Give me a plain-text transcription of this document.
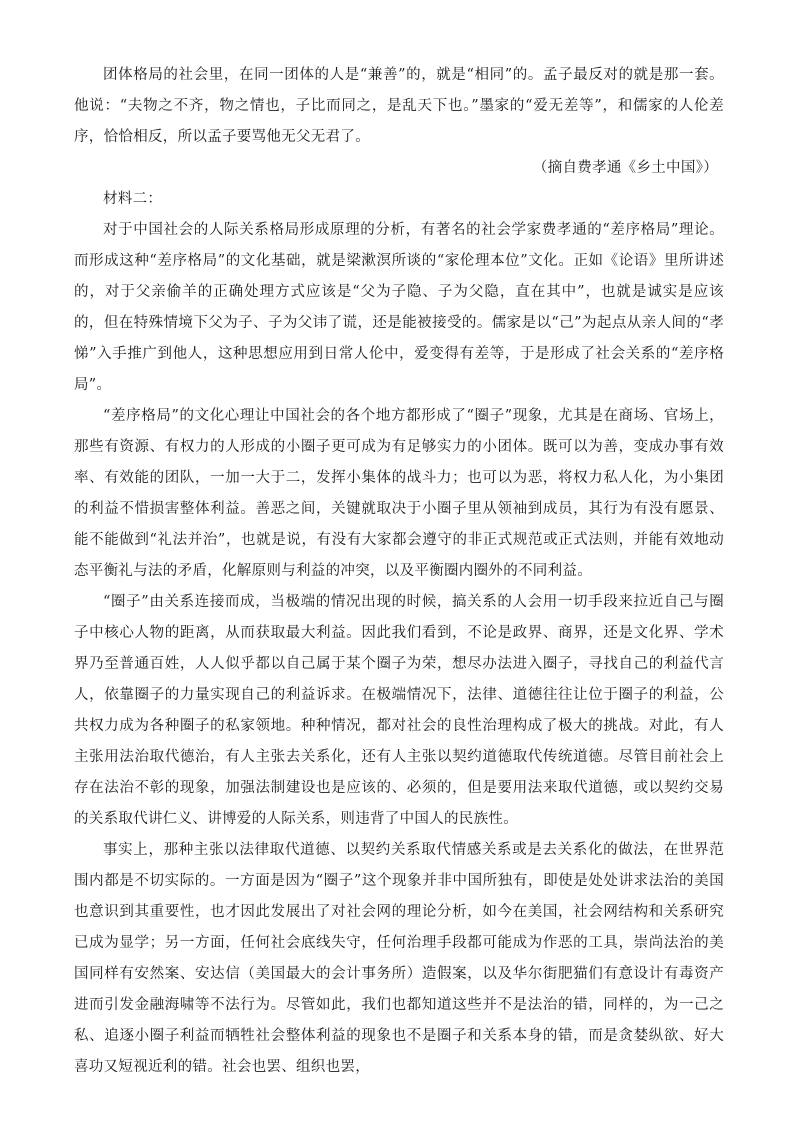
团体格局的社会里，在同一团体的人是“兼善”的，就是“相同”的。孟子最反对的就是那一套。他说：“夫物之不齐，物之情也，子比而同之，是乱天下也。”墨家的“爱无差等”，和儒家的人伦差序，恰恰相反，所以孟子要骂他无父无君了。

（摘自费孝通《乡土中国》）

材料二：

对于中国社会的人际关系格局形成原理的分析，有著名的社会学家费孝通的“差序格局”理论。而形成这种“差序格局”的文化基础，就是梁漱溟所谈的“家伦理本位”文化。正如《论语》里所讲述的，对于父亲偷羊的正确处理方式应该是“父为子隐、子为父隐，直在其中”，也就是诚实是应该的，但在特殊情境下父为子、子为父讳了谎，还是能被接受的。儒家是以“己”为起点从亲人间的“孝悌”入手推广到他人，这种思想应用到日常人伦中，爱变得有差等，于是形成了社会关系的“差序格局”。

“差序格局”的文化心理让中国社会的各个地方都形成了“圈子”现象，尤其是在商场、官场上，那些有资源、有权力的人形成的小圈子更可成为有足够实力的小团体。既可以为善，变成办事有效率、有效能的团队，一加一大于二，发挥小集体的战斗力；也可以为恶，将权力私人化，为小集团的利益不惜损害整体利益。善恶之间，关键就取决于小圈子里从领袖到成员，其行为有没有愿景、能不能做到“礼法并治”，也就是说，有没有大家都会遵守的非正式规范或正式法则，并能有效地动态平衡礼与法的矛盾，化解原则与利益的冲突，以及平衡圈内圈外的不同利益。

“圈子”由关系连接而成，当极端的情况出现的时候，搞关系的人会用一切手段来拉近自己与圈子中核心人物的距离，从而获取最大利益。因此我们看到，不论是政界、商界，还是文化界、学术界乃至普通百姓，人人似乎都以自己属于某个圈子为荣，想尽办法进入圈子，寻找自己的利益代言人，依靠圈子的力量实现自己的利益诉求。在极端情况下，法律、道德往往让位于圈子的利益，公共权力成为各种圈子的私家领地。种种情况，都对社会的良性治理构成了极大的挑战。对此，有人主张用法治取代德治，有人主张去关系化，还有人主张以契约道德取代传统道德。尽管目前社会上存在法治不彰的现象，加强法制建设也是应该的、必须的，但是要用法来取代道德，或以契约交易的关系取代讲仁义、讲博爱的人际关系，则违背了中国人的民族性。

事实上，那种主张以法律取代道德、以契约关系取代情感关系或是去关系化的做法，在世界范围内都是不切实际的。一方面是因为“圈子”这个现象并非中国所独有，即使是处处讲求法治的美国也意识到其重要性，也才因此发展出了对社会网的理论分析，如今在美国，社会网结构和关系研究已成为显学；另一方面，任何社会底线失守，任何治理手段都可能成为作恶的工具，崇尚法治的美国同样有安然案、安达信（美国最大的会计事务所）造假案，以及华尔街肥猫们有意设计有毒资产进而引发金融海啸等不法行为。尽管如此，我们也都知道这些并不是法治的错，同样的，为一己之私、追逐小圈子利益而牺牲社会整体利益的现象也不是圈子和关系本身的错，而是贪婪纵欲、好大喜功又短视近利的错。社会也罢、组织也罢，
